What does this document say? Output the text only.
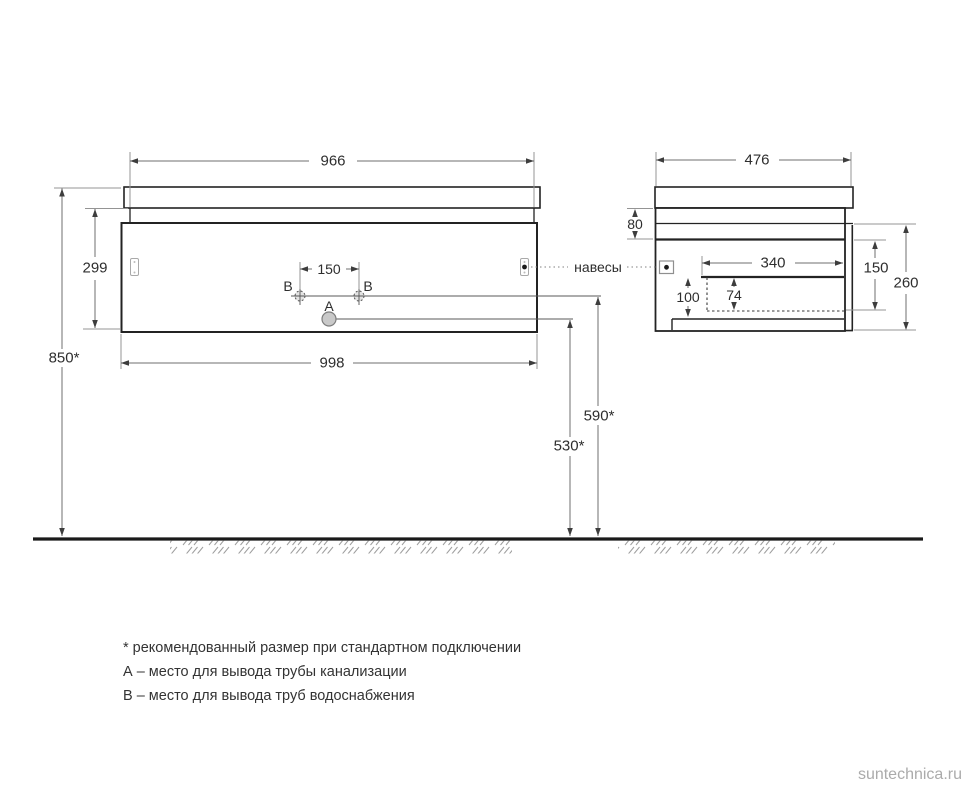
В	В
А
навесы
966
299
850*	998
150
590*
530*
476
80
340
100 74
150
260
* рекомендованный размер при стандартном подключении
А – место для вывода трубы канализации
В – место для вывода труб водоснабжения
suntechnica.ru
